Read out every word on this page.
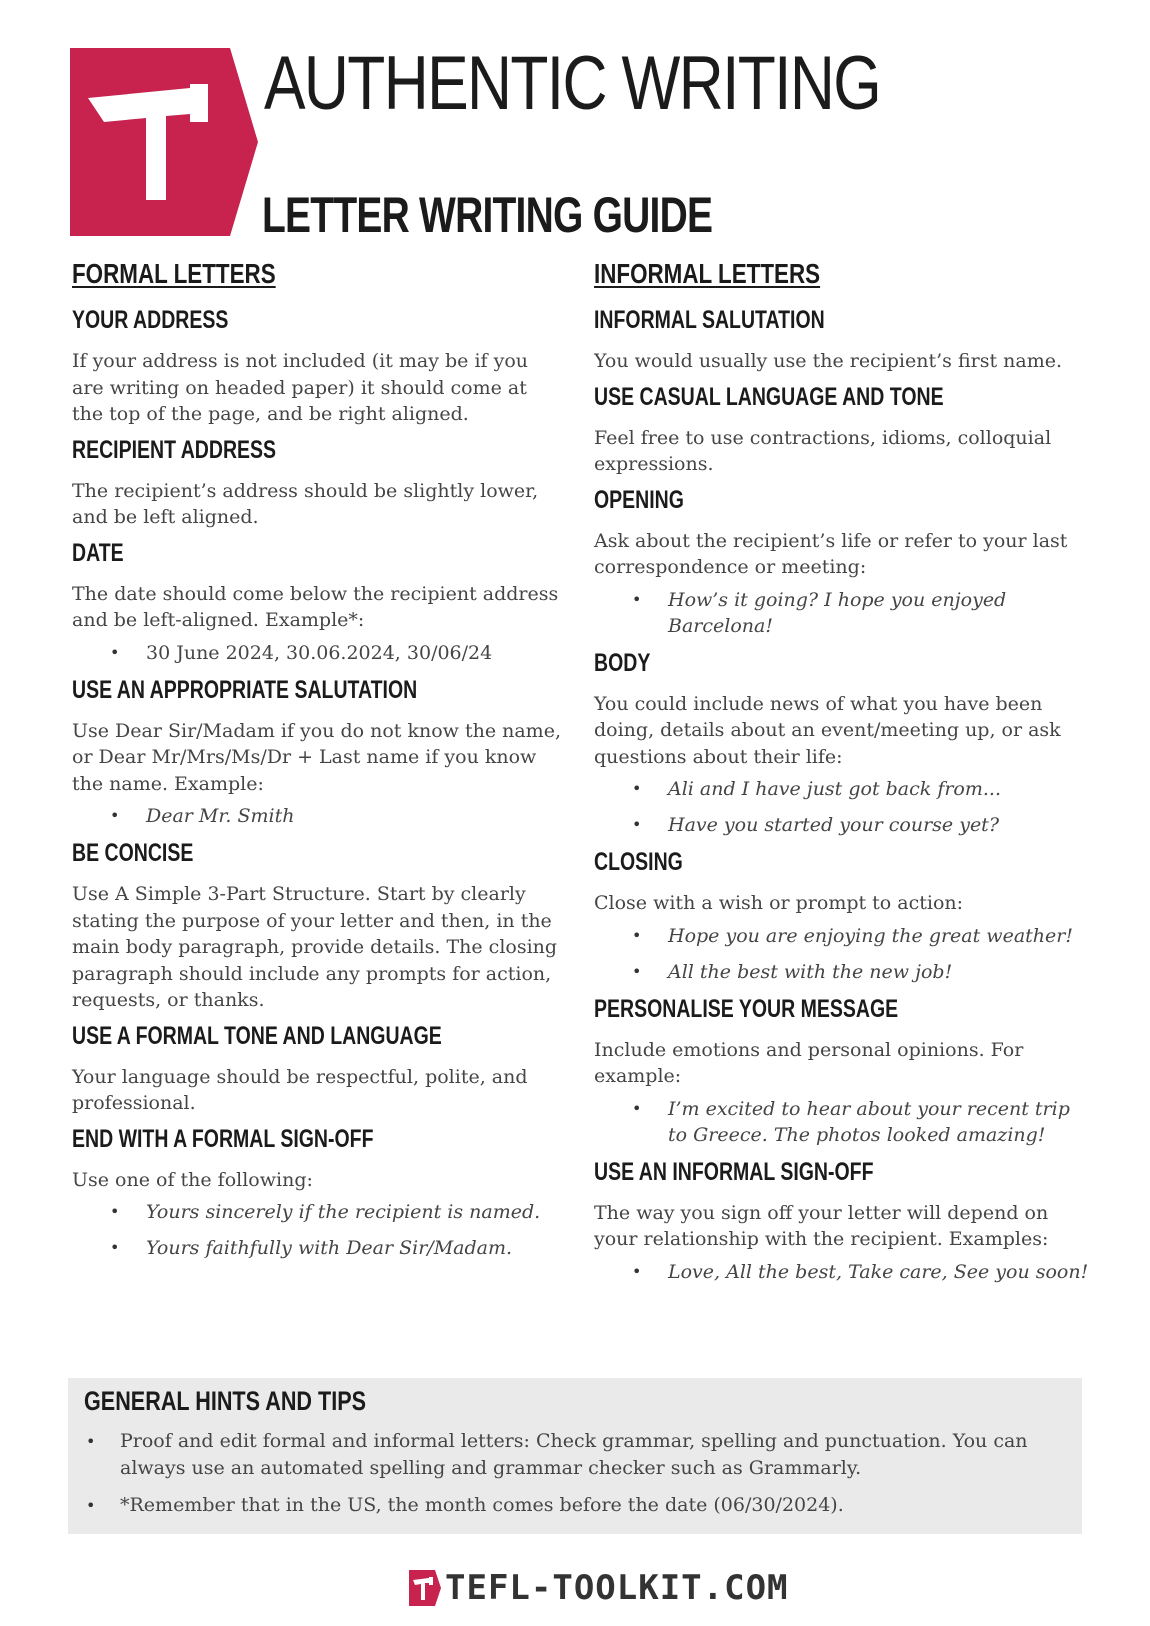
AUTHENTIC WRITING
LETTER WRITING GUIDE
FORMAL LETTERS
YOUR ADDRESS

If your address is not included (it may be if you are writing on headed paper) it should come at the top of the page, and be right aligned.

RECIPIENT ADDRESS

The recipient’s address should be slightly lower, and be left aligned.

DATE

The date should come below the recipient address and be left-aligned. Example*:

• 30 June 2024, 30.06.2024, 30/06/24
USE AN APPROPRIATE SALUTATION

Use Dear Sir/Madam if you do not know the name, or Dear Mr/Mrs/Ms/Dr + Last name if you know the name. Example:

• Dear Mr. Smith
BE CONCISE

Use A Simple 3-Part Structure. Start by clearly stating the purpose of your letter and then, in the main body paragraph, provide details. The closing paragraph should include any prompts for action, requests, or thanks.

USE A FORMAL TONE AND LANGUAGE

Your language should be respectful, polite, and professional.

END WITH A FORMAL SIGN-OFF

Use one of the following:

• Yours sincerely if the recipient is named.
• Yours faithfully with Dear Sir/Madam.
INFORMAL LETTERS
INFORMAL SALUTATION

You would usually use the recipient’s first name.

USE CASUAL LANGUAGE AND TONE

Feel free to use contractions, idioms, colloquial expressions.

OPENING

Ask about the recipient’s life or refer to your last correspondence or meeting:

• How’s it going? I hope you enjoyed Barcelona!
BODY

You could include news of what you have been doing, details about an event/meeting up, or ask questions about their life:

• Ali and I have just got back from...
• Have you started your course yet?
CLOSING

Close with a wish or prompt to action:

• Hope you are enjoying the great weather!
• All the best with the new job!
PERSONALISE YOUR MESSAGE

Include emotions and personal opinions. For example:

• I’m excited to hear about your recent trip to Greece. The photos looked amazing!
USE AN INFORMAL SIGN-OFF

The way you sign off your letter will depend on your relationship with the recipient. Examples:

• Love, All the best, Take care, See you soon!
GENERAL HINTS AND TIPS
• Proof and edit formal and informal letters: Check grammar, spelling and punctuation. You can always use an automated spelling and grammar checker such as Grammarly.
• *Remember that in the US, the month comes before the date (06/30/2024).
TEFL-TOOLKIT.COM
